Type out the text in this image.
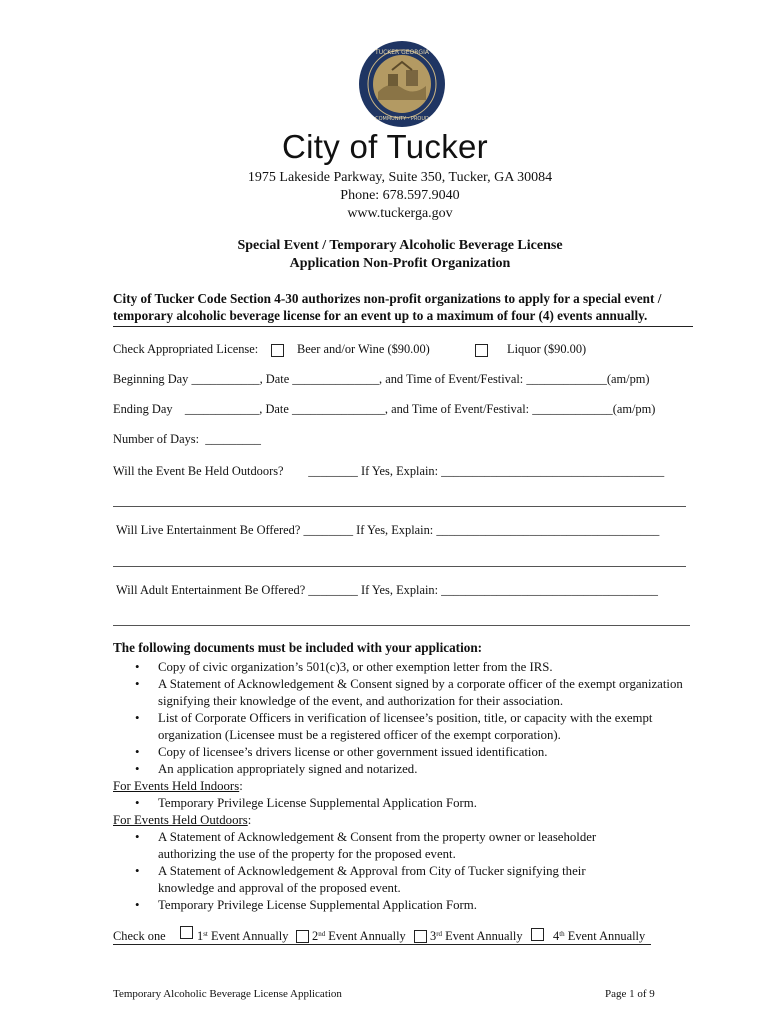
TUCKER GEORGIA
COMMUNITY · PROUD
City of Tucker
1975 Lakeside Parkway, Suite 350, Tucker, GA 30084
Phone: 678.597.9040
www.tuckerga.gov
Special Event / Temporary Alcoholic Beverage License
Application Non-Profit Organization
City of Tucker Code Section 4-30 authorizes non-profit organizations to apply for a special event / temporary alcoholic beverage license for an event up to a maximum of four (4) events annually.
Check Appropriated License:	Beer and/or Wine ($90.00)	Liquor ($90.00)
Beginning Day ___________, Date ______________, and Time of Event/Festival: _____________(am/pm)
Ending Day    ____________, Date _______________, and Time of Event/Festival: _____________(am/pm)
Number of Days:  _________
Will the Event Be Held Outdoors?        ________ If Yes, Explain: ____________________________________
Will Live Entertainment Be Offered? ________ If Yes, Explain: ____________________________________
Will Adult Entertainment Be Offered? ________ If Yes, Explain: ___________________________________
The following documents must be included with your application:
• Copy of civic organization’s 501(c)3, or other exemption letter from the IRS.
• A Statement of Acknowledgement & Consent signed by a corporate officer of the exempt organization signifying their knowledge of the event, and authorization for their association.
• List of Corporate Officers in verification of licensee’s position, title, or capacity with the exempt organization (Licensee must be a registered officer of the exempt corporation).
• Copy of licensee’s drivers license or other government issued identification.
• An application appropriately signed and notarized.
For Events Held Indoors:
• Temporary Privilege License Supplemental Application Form.
For Events Held Outdoors:
• A Statement of Acknowledgement & Consent from the property owner or leaseholder authorizing the use of the property for the proposed event.
• A Statement of Acknowledgement & Approval from City of Tucker signifying their knowledge and approval of the proposed event.
• Temporary Privilege License Supplemental Application Form.
Check one	1st Event Annually 2nd Event Annually 3rd Event Annually 4th Event Annually
Temporary Alcoholic Beverage License Application	Page 1 of 9
